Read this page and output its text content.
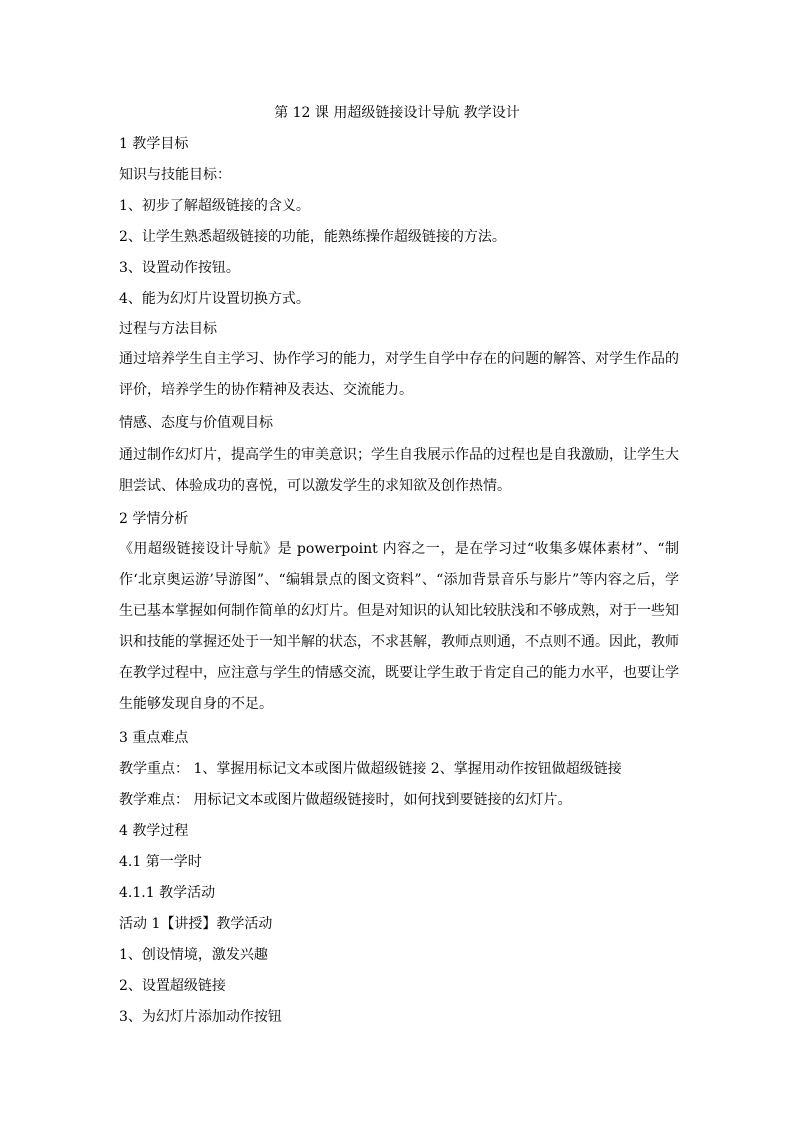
第 12 课 用超级链接设计导航 教学设计
1 教学目标
知识与技能目标：
1、初步了解超级链接的含义。
2、让学生熟悉超级链接的功能，能熟练操作超级链接的方法。
3、设置动作按钮。
4、能为幻灯片设置切换方式。
过程与方法目标
通过培养学生自主学习、协作学习的能力，对学生自学中存在的问题的解答、对学生作品的评价，培养学生的协作精神及表达、交流能力。
情感、态度与价值观目标
通过制作幻灯片，提高学生的审美意识；学生自我展示作品的过程也是自我激励，让学生大胆尝试、体验成功的喜悦，可以激发学生的求知欲及创作热情。
2 学情分析
《用超级链接设计导航》是 powerpoint 内容之一，是在学习过“收集多媒体素材”、“制作‘北京奥运游’导游图”、“编辑景点的图文资料”、“添加背景音乐与影片”等内容之后，学生已基本掌握如何制作简单的幻灯片。但是对知识的认知比较肤浅和不够成熟，对于一些知识和技能的掌握还处于一知半解的状态，不求甚解，教师点则通，不点则不通。因此，教师在教学过程中，应注意与学生的情感交流，既要让学生敢于肯定自己的能力水平，也要让学生能够发现自身的不足。
3 重点难点
教学重点： 1、掌握用标记文本或图片做超级链接 2、掌握用动作按钮做超级链接
教学难点： 用标记文本或图片做超级链接时，如何找到要链接的幻灯片。
4 教学过程
4.1 第一学时
4.1.1 教学活动
活动 1【讲授】教学活动
1、创设情境，激发兴趣
2、设置超级链接
3、为幻灯片添加动作按钮
